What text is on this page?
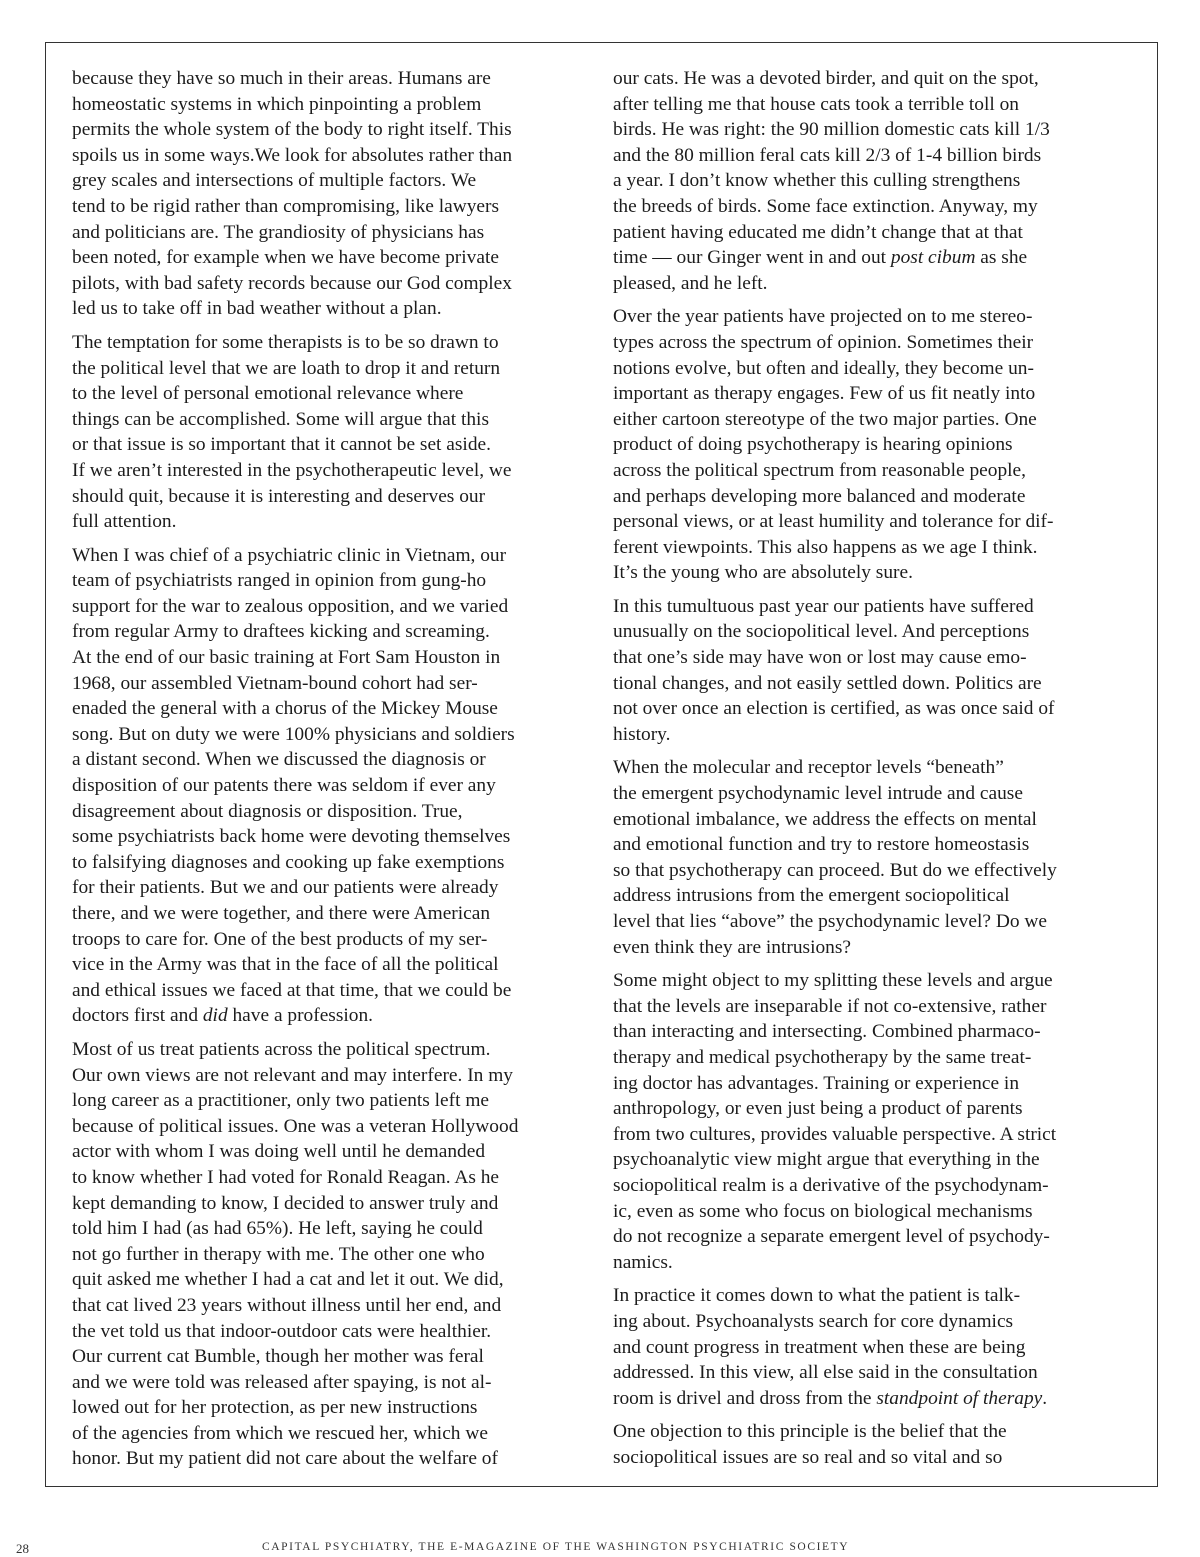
because they have so much in their areas. Humans are
homeostatic systems in which pinpointing a problem
permits the whole system of the body to right itself. This
spoils us in some ways.We look for absolutes rather than
grey scales and intersections of multiple factors. We
tend to be rigid rather than compromising, like lawyers
and politicians are. The grandiosity of physicians has
been noted, for example when we have become private
pilots, with bad safety records because our God complex
led us to take off in bad weather without a plan.

The temptation for some therapists is to be so drawn to
the political level that we are loath to drop it and return
to the level of personal emotional relevance where
things can be accomplished. Some will argue that this
or that issue is so important that it cannot be set aside.
If we aren’t interested in the psychotherapeutic level, we
should quit, because it is interesting and deserves our
full attention.

When I was chief of a psychiatric clinic in Vietnam, our
team of psychiatrists ranged in opinion from gung-ho
support for the war to zealous opposition, and we varied
from regular Army to draftees kicking and screaming.
At the end of our basic training at Fort Sam Houston in
1968, our assembled Vietnam-bound cohort had ser-
enaded the general with a chorus of the Mickey Mouse
song. But on duty we were 100% physicians and soldiers
a distant second. When we discussed the diagnosis or
disposition of our patents there was seldom if ever any
disagreement about diagnosis or disposition. True,
some psychiatrists back home were devoting themselves
to falsifying diagnoses and cooking up fake exemptions
for their patients. But we and our patients were already
there, and we were together, and there were American
troops to care for. One of the best products of my ser-
vice in the Army was that in the face of all the political
and ethical issues we faced at that time, that we could be
doctors first and did have a profession.

Most of us treat patients across the political spectrum.
Our own views are not relevant and may interfere. In my
long career as a practitioner, only two patients left me
because of political issues. One was a veteran Hollywood
actor with whom I was doing well until he demanded
to know whether I had voted for Ronald Reagan. As he
kept demanding to know, I decided to answer truly and
told him I had (as had 65%). He left, saying he could
not go further in therapy with me. The other one who
quit asked me whether I had a cat and let it out. We did,
that cat lived 23 years without illness until her end, and
the vet told us that indoor-outdoor cats were healthier.
Our current cat Bumble, though her mother was feral
and we were told was released after spaying, is not al-
lowed out for her protection, as per new instructions
of the agencies from which we rescued her, which we
honor. But my patient did not care about the welfare of

our cats. He was a devoted birder, and quit on the spot,
after telling me that house cats took a terrible toll on
birds. He was right: the 90 million domestic cats kill 1/3
and the 80 million feral cats kill 2/3 of 1-4 billion birds
a year. I don’t know whether this culling strengthens
the breeds of birds. Some face extinction. Anyway, my
patient having educated me didn’t change that at that
time — our Ginger went in and out post cibum as she
pleased, and he left.

Over the year patients have projected on to me stereo-
types across the spectrum of opinion. Sometimes their
notions evolve, but often and ideally, they become un-
important as therapy engages. Few of us fit neatly into
either cartoon stereotype of the two major parties. One
product of doing psychotherapy is hearing opinions
across the political spectrum from reasonable people,
and perhaps developing more balanced and moderate
personal views, or at least humility and tolerance for dif-
ferent viewpoints. This also happens as we age I think.
It’s the young who are absolutely sure.

In this tumultuous past year our patients have suffered
unusually on the sociopolitical level. And perceptions
that one’s side may have won or lost may cause emo-
tional changes, and not easily settled down. Politics are
not over once an election is certified, as was once said of
history.

When the molecular and receptor levels “beneath”
the emergent psychodynamic level intrude and cause
emotional imbalance, we address the effects on mental
and emotional function and try to restore homeostasis
so that psychotherapy can proceed. But do we effectively
address intrusions from the emergent sociopolitical
level that lies “above” the psychodynamic level? Do we
even think they are intrusions?

Some might object to my splitting these levels and argue
that the levels are inseparable if not co-extensive, rather
than interacting and intersecting. Combined pharmaco-
therapy and medical psychotherapy by the same treat-
ing doctor has advantages. Training or experience in
anthropology, or even just being a product of parents
from two cultures, provides valuable perspective. A strict
psychoanalytic view might argue that everything in the
sociopolitical realm is a derivative of the psychodynam-
ic, even as some who focus on biological mechanisms
do not recognize a separate emergent level of psychody-
namics.

In practice it comes down to what the patient is talk-
ing about. Psychoanalysts search for core dynamics
and count progress in treatment when these are being
addressed. In this view, all else said in the consultation
room is drivel and dross from the standpoint of therapy.

One objection to this principle is the belief that the
sociopolitical issues are so real and so vital and so

28	CAPITAL PSYCHIATRY, THE E-MAGAZINE OF THE WASHINGTON PSYCHIATRIC SOCIETY
